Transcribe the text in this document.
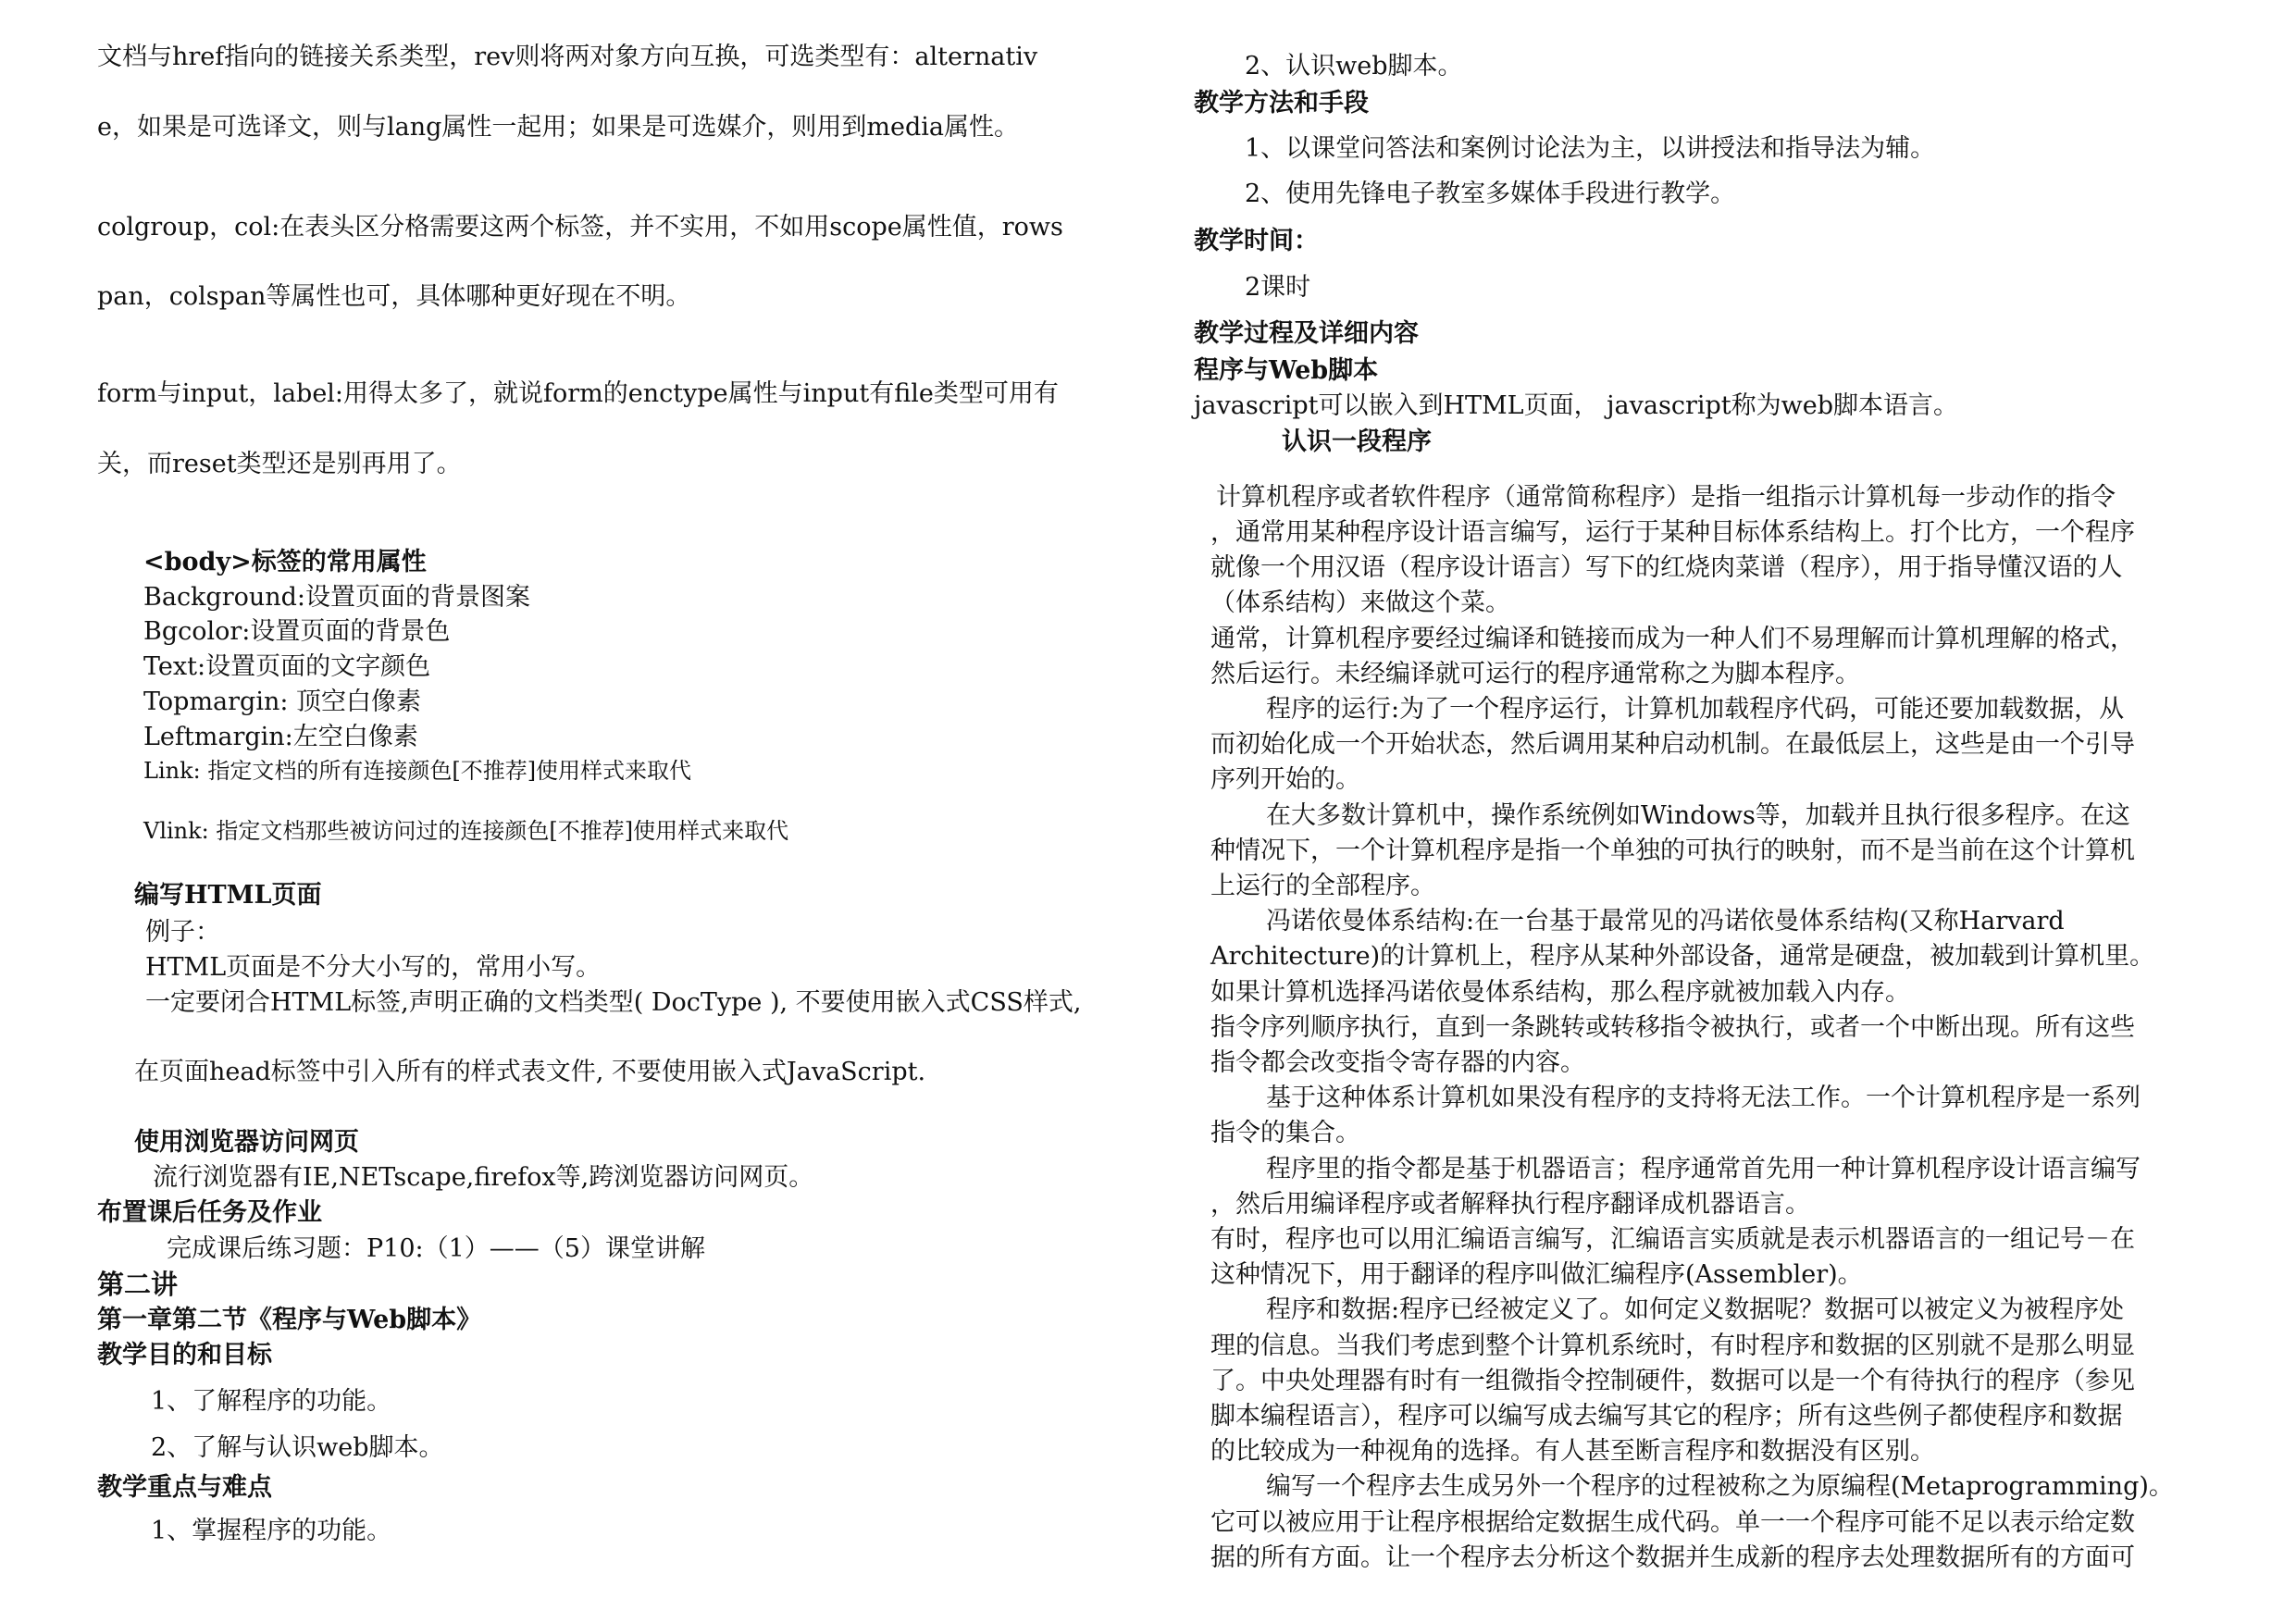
文档与href指向的链接关系类型，rev则将两对象方向互换，可选类型有：alternativ
e，如果是可选译文，则与lang属性一起用；如果是可选媒介，则用到media属性。
colgroup，col:在表头区分格需要这两个标签，并不实用，不如用scope属性值，rows
pan，colspan等属性也可，具体哪种更好现在不明。
form与input，label:用得太多了，就说form的enctype属性与input有file类型可用有
关，而reset类型还是别再用了。
<body>标签的常用属性
Background:设置页面的背景图案
Bgcolor:设置页面的背景色
Text:设置页面的文字颜色
Topmargin: 顶空白像素
Leftmargin:左空白像素
Link: 指定文档的所有连接颜色[不推荐]使用样式来取代
Vlink: 指定文档那些被访问过的连接颜色[不推荐]使用样式来取代
编写HTML页面
例子：
HTML页面是不分大小写的，常用小写。
一定要闭合HTML标签,声明正确的文档类型( DocType ), 不要使用嵌入式CSS样式,
在页面head标签中引入所有的样式表文件, 不要使用嵌入式JavaScript.
使用浏览器访问网页
流行浏览器有IE,NETscape,firefox等,跨浏览器访问网页。
布置课后任务及作业
完成课后练习题：P10:（1）——（5）课堂讲解
第二讲
第一章第二节《程序与Web脚本》
教学目的和目标
1、了解程序的功能。
2、了解与认识web脚本。
教学重点与难点
1、掌握程序的功能。
2、认识web脚本。
教学方法和手段
1、以课堂问答法和案例讨论法为主，以讲授法和指导法为辅。
2、使用先锋电子教室多媒体手段进行教学。
教学时间：
2课时
教学过程及详细内容
程序与Web脚本
javascript可以嵌入到HTML页面， javascript称为web脚本语言。
认识一段程序
计算机程序或者软件程序（通常简称程序）是指一组指示计算机每一步动作的指令
，通常用某种程序设计语言编写，运行于某种目标体系结构上。打个比方，一个程序
就像一个用汉语（程序设计语言）写下的红烧肉菜谱（程序），用于指导懂汉语的人
（体系结构）来做这个菜。
通常，计算机程序要经过编译和链接而成为一种人们不易理解而计算机理解的格式，
然后运行。未经编译就可运行的程序通常称之为脚本程序。
程序的运行:为了一个程序运行，计算机加载程序代码，可能还要加载数据，从
而初始化成一个开始状态，然后调用某种启动机制。在最低层上，这些是由一个引导
序列开始的。
在大多数计算机中，操作系统例如Windows等，加载并且执行很多程序。在这
种情况下，一个计算机程序是指一个单独的可执行的映射，而不是当前在这个计算机
上运行的全部程序。
冯诺依曼体系结构:在一台基于最常见的冯诺依曼体系结构(又称Harvard
Architecture)的计算机上，程序从某种外部设备，通常是硬盘，被加载到计算机里。
如果计算机选择冯诺依曼体系结构，那么程序就被加载入内存。
指令序列顺序执行，直到一条跳转或转移指令被执行，或者一个中断出现。所有这些
指令都会改变指令寄存器的内容。
基于这种体系计算机如果没有程序的支持将无法工作。一个计算机程序是一系列
指令的集合。
程序里的指令都是基于机器语言；程序通常首先用一种计算机程序设计语言编写
，然后用编译程序或者解释执行程序翻译成机器语言。
有时，程序也可以用汇编语言编写，汇编语言实质就是表示机器语言的一组记号－在
这种情况下，用于翻译的程序叫做汇编程序(Assembler)。
程序和数据:程序已经被定义了。如何定义数据呢？数据可以被定义为被程序处
理的信息。当我们考虑到整个计算机系统时，有时程序和数据的区别就不是那么明显
了。中央处理器有时有一组微指令控制硬件，数据可以是一个有待执行的程序（参见
脚本编程语言），程序可以编写成去编写其它的程序；所有这些例子都使程序和数据
的比较成为一种视角的选择。有人甚至断言程序和数据没有区别。
编写一个程序去生成另外一个程序的过程被称之为原编程(Metaprogramming)。
它可以被应用于让程序根据给定数据生成代码。单一一个程序可能不足以表示给定数
据的所有方面。让一个程序去分析这个数据并生成新的程序去处理数据所有的方面可
